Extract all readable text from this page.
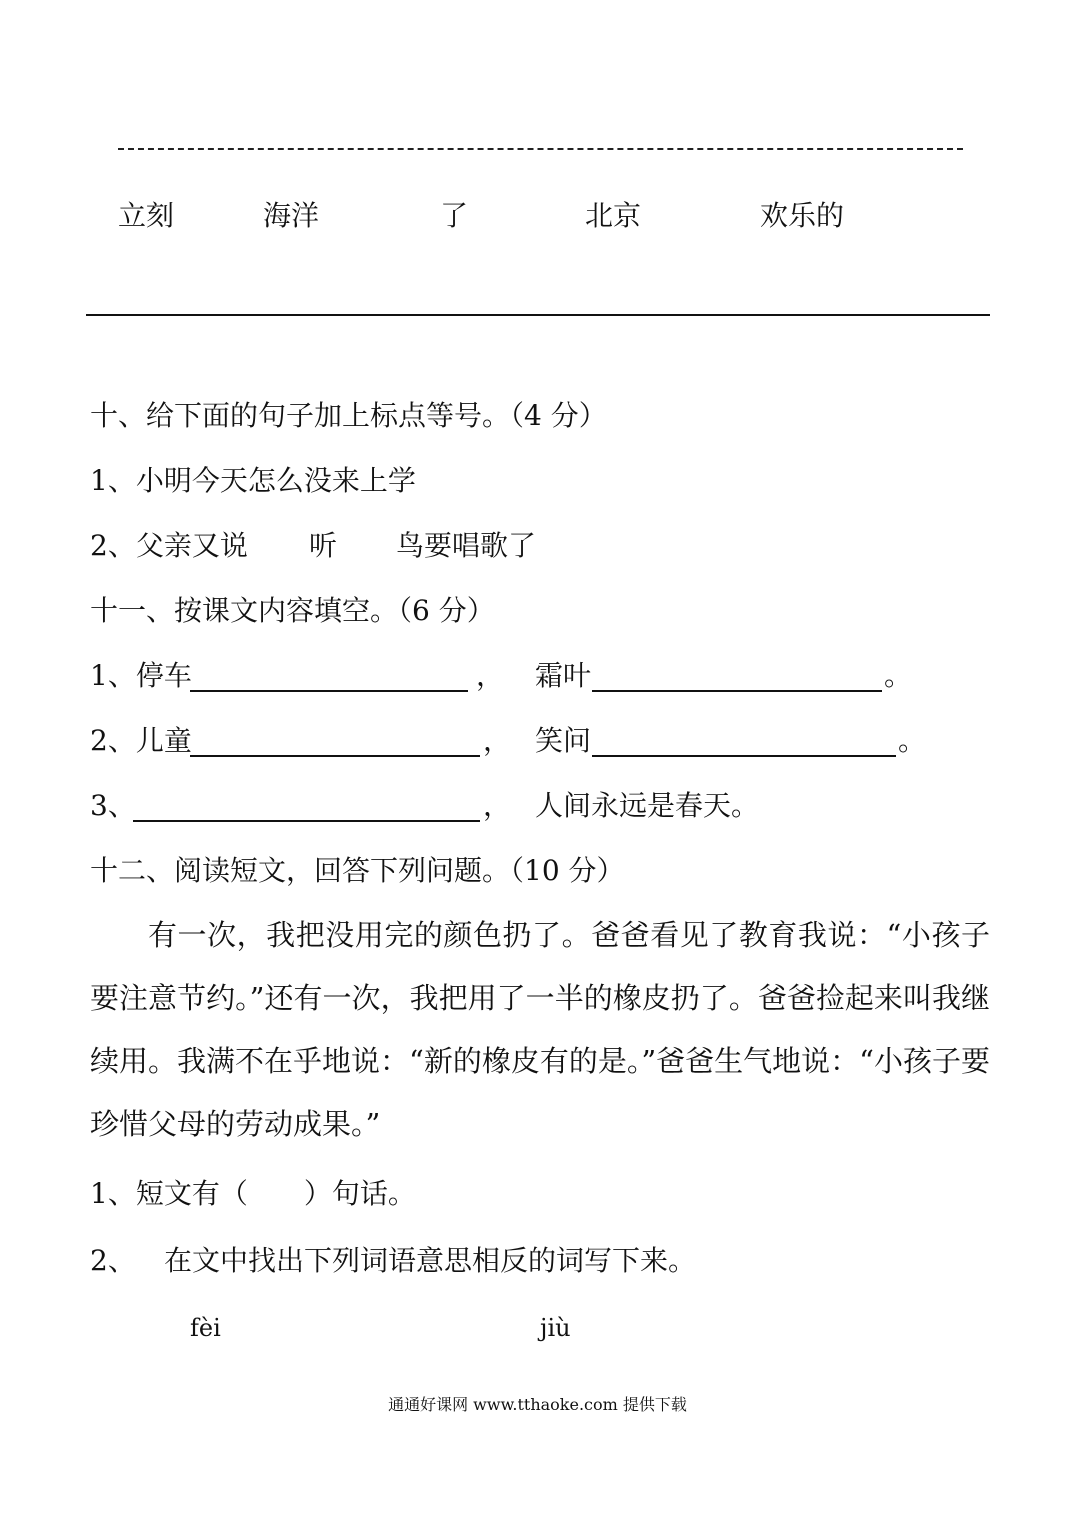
立刻	海洋	了	北京	欢乐的
十、给下面的句子加上标点等号。（4 分）
1、小明今天怎么没来上学
2、父亲又说 听 鸟要唱歌了
十一、按课文内容填空。（6 分）
1、停车	， 霜叶	。
2、儿童	， 笑问	。
3、	， 人间永远是春天。
十二、阅读短文，回答下列问题。（10 分）
有一次，我把没用完的颜色扔了。爸爸看见了教育我说：“小孩子要注意节约。”还有一次，我把用了一半的橡皮扔了。爸爸捡起来叫我继续用。我满不在乎地说：“新的橡皮有的是。”爸爸生气地说：“小孩子要珍惜父母的劳动成果。”
1、短文有（　　）句话。
2、 在文中找出下列词语意思相反的词写下来。
fèi	jiù
通通好课网 www.tthaoke.com 提供下载
